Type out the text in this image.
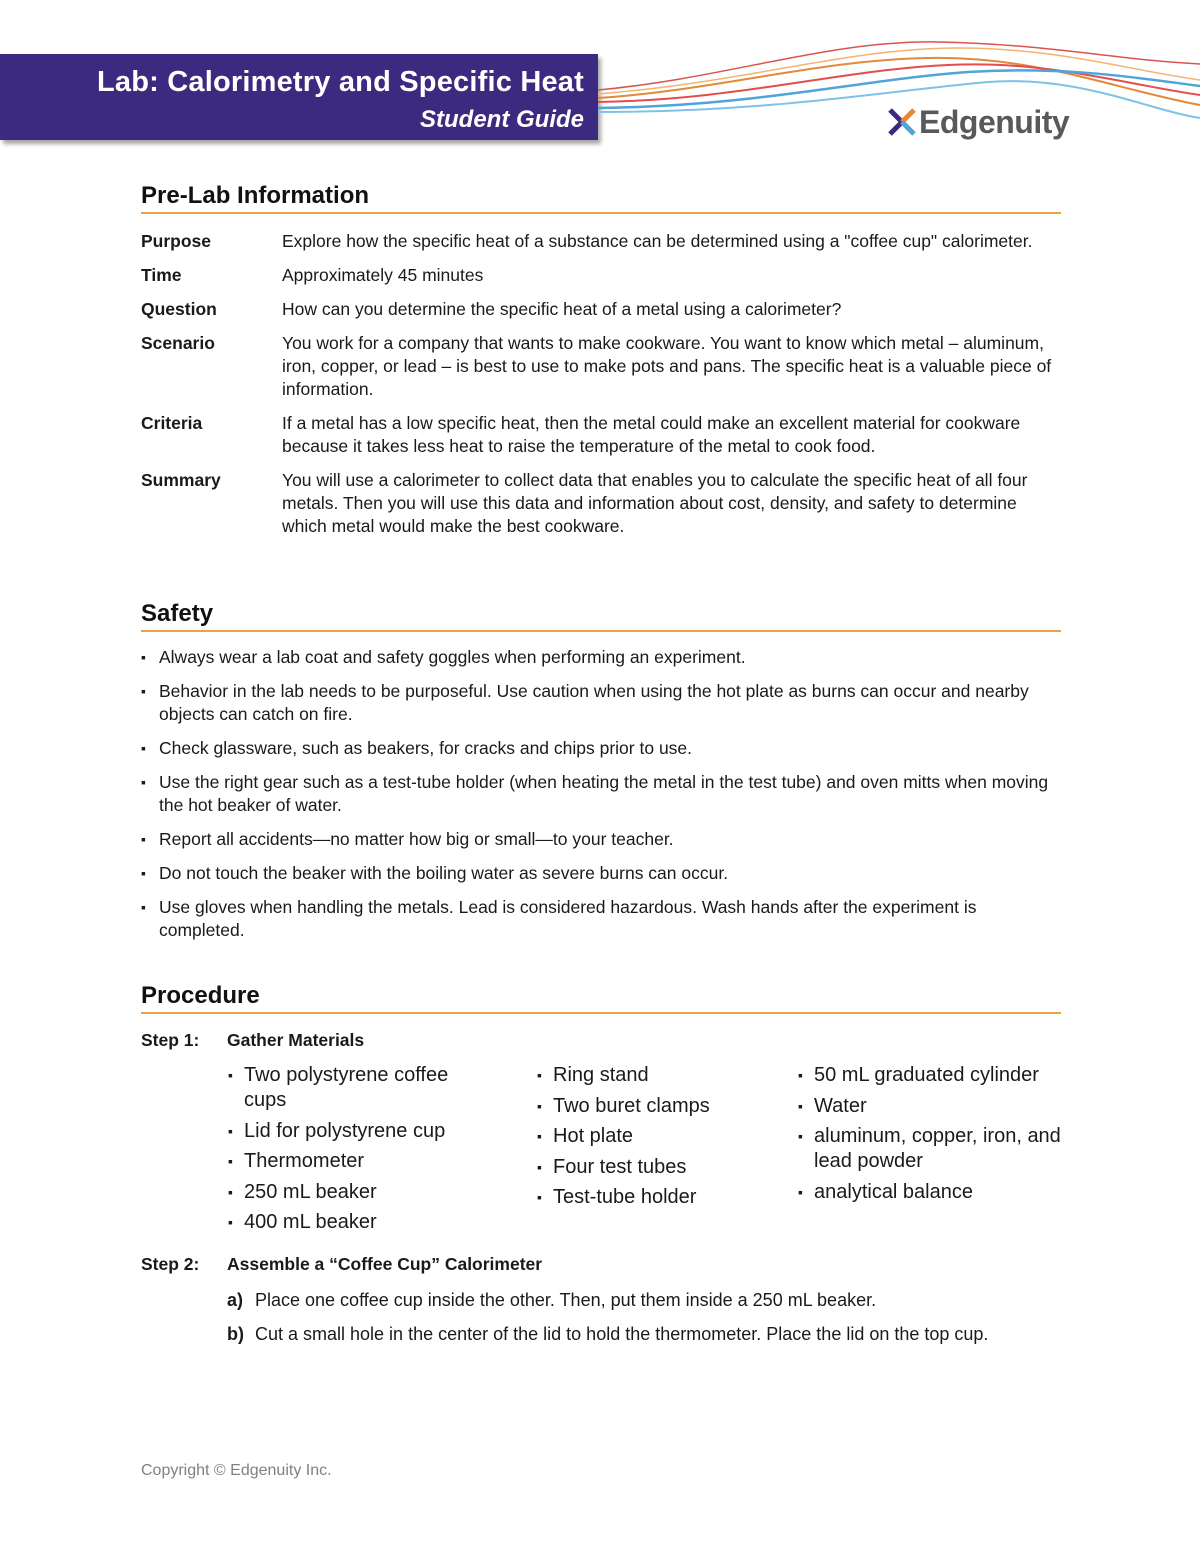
Lab: Calorimetry and Specific Heat
Student Guide	Edgenuity
Pre-Lab Information
Purpose	Explore how the specific heat of a substance can be determined using a "coffee cup" calorimeter.
Time	Approximately 45 minutes
Question	How can you determine the specific heat of a metal using a calorimeter?
Scenario	You work for a company that wants to make cookware. You want to know which metal – aluminum, iron, copper, or lead – is best to use to make pots and pans. The specific heat is a valuable piece of information.
Criteria	If a metal has a low specific heat, then the metal could make an excellent material for cookware because it takes less heat to raise the temperature of the metal to cook food.
Summary	You will use a calorimeter to collect data that enables you to calculate the specific heat of all four metals. Then you will use this data and information about cost, density, and safety to determine which metal would make the best cookware.
Safety
▪ Always wear a lab coat and safety goggles when performing an experiment.
▪ Behavior in the lab needs to be purposeful. Use caution when using the hot plate as burns can occur and nearby objects can catch on fire.
▪ Check glassware, such as beakers, for cracks and chips prior to use.
▪ Use the right gear such as a test-tube holder (when heating the metal in the test tube) and oven mitts when moving the hot beaker of water.
▪ Report all accidents—no matter how big or small—to your teacher.
▪ Do not touch the beaker with the boiling water as severe burns can occur.
▪ Use gloves when handling the metals. Lead is considered hazardous. Wash hands after the experiment is completed.
Procedure
Step 1:	Gather Materials
▪ Two polystyrene coffee cups
▪ Lid for polystyrene cup
▪ Thermometer
▪ 250 mL beaker
▪ 400 mL beaker
▪ Ring stand
▪ Two buret clamps
▪ Hot plate
▪ Four test tubes
▪ Test-tube holder
▪ 50 mL graduated cylinder
▪ Water
▪ aluminum, copper, iron, and lead powder
▪ analytical balance
Step 2:	Assemble a “Coffee Cup” Calorimeter
a) Place one coffee cup inside the other. Then, put them inside a 250 mL beaker.
b) Cut a small hole in the center of the lid to hold the thermometer. Place the lid on the top cup.
Copyright © Edgenuity Inc.
